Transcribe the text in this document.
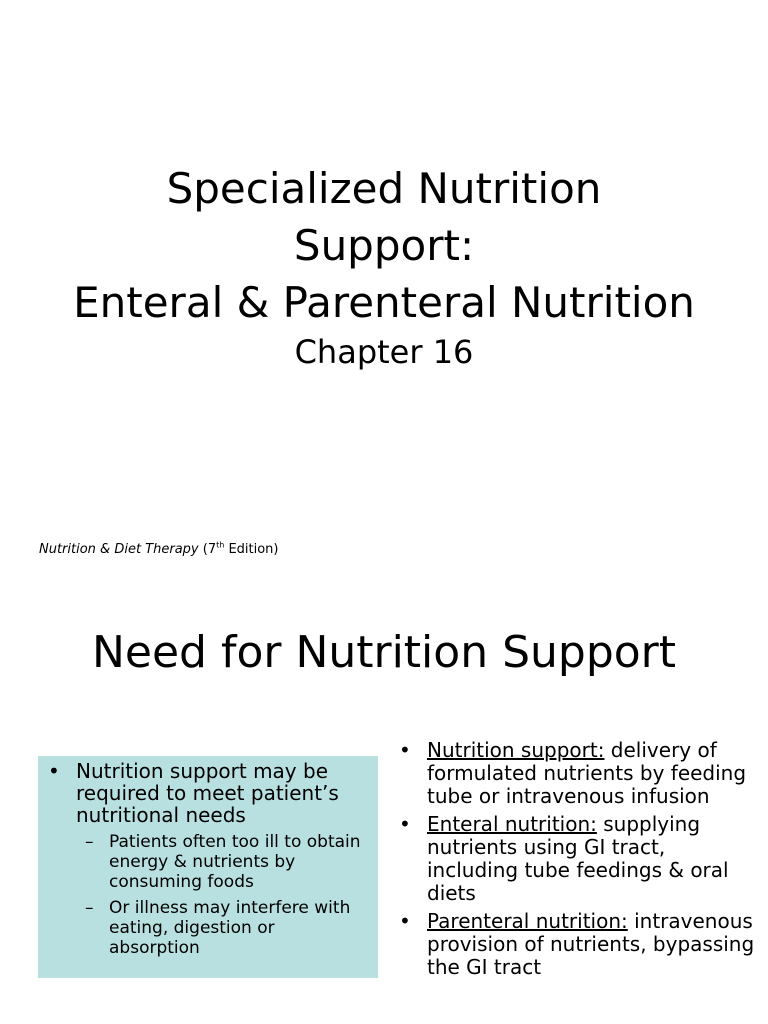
Specialized Nutrition
Support:
Enteral & Parenteral Nutrition
Chapter 16
Nutrition & Diet Therapy (7th Edition)
Need for Nutrition Support
• Nutrition support may be required to meet patient’s nutritional needs
– Patients often too ill to obtain energy & nutrients by consuming foods
– Or illness may interfere with eating, digestion or absorption
• Nutrition support: delivery of formulated nutrients by feeding tube or intravenous infusion
• Enteral nutrition: supplying nutrients using GI tract, including tube feedings & oral diets
• Parenteral nutrition: intravenous provision of nutrients, bypassing the GI tract
